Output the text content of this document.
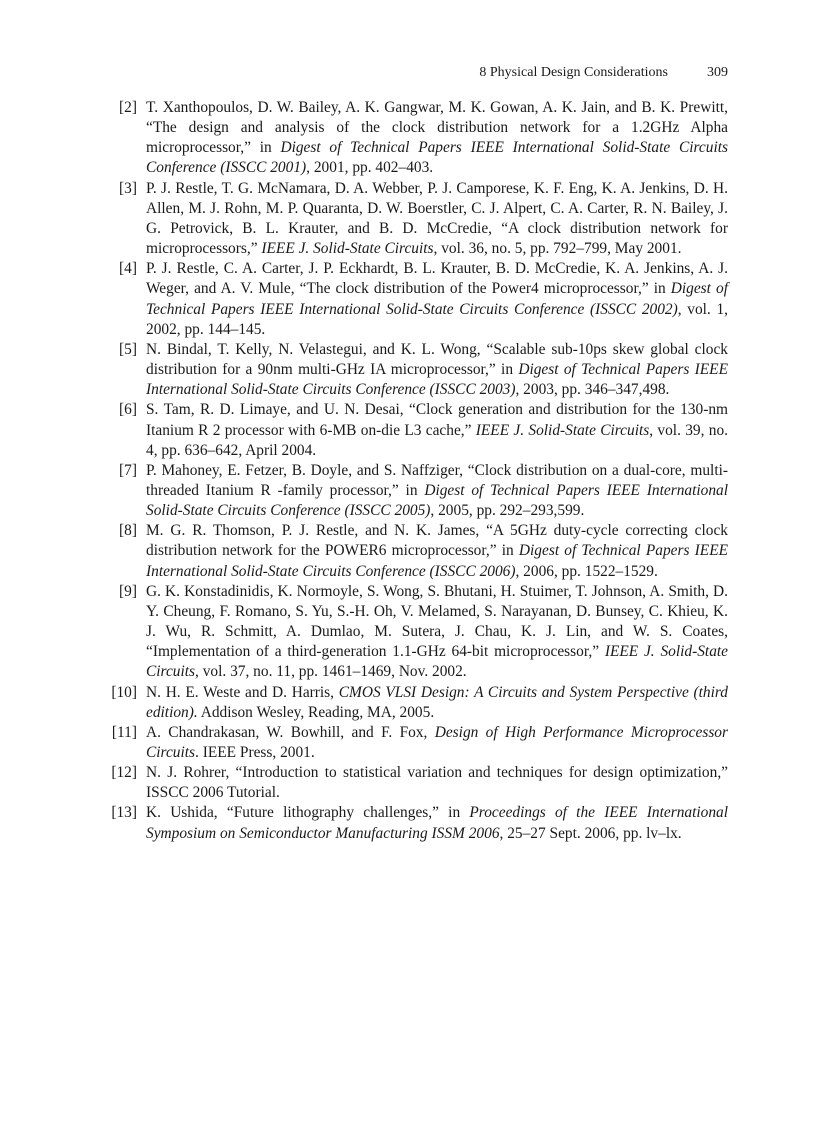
8 Physical Design Considerations	309
[2] T. Xanthopoulos, D. W. Bailey, A. K. Gangwar, M. K. Gowan, A. K. Jain, and B. K. Prewitt, “The design and analysis of the clock distribution network for a 1.2GHz Alpha microprocessor,” in Digest of Technical Papers IEEE International Solid-State Circuits Conference (ISSCC 2001), 2001, pp. 402–403.
[3] P. J. Restle, T. G. McNamara, D. A. Webber, P. J. Camporese, K. F. Eng, K. A. Jenkins, D. H. Allen, M. J. Rohn, M. P. Quaranta, D. W. Boerstler, C. J. Alpert, C. A. Carter, R. N. Bailey, J. G. Petrovick, B. L. Krauter, and B. D. McCredie, “A clock distribution network for microprocessors,” IEEE J. Solid-State Circuits, vol. 36, no. 5, pp. 792–799, May 2001.
[4] P. J. Restle, C. A. Carter, J. P. Eckhardt, B. L. Krauter, B. D. McCredie, K. A. Jenkins, A. J. Weger, and A. V. Mule, “The clock distribution of the Power4 microprocessor,” in Digest of Technical Papers IEEE International Solid-State Circuits Conference (ISSCC 2002), vol. 1, 2002, pp. 144–145.
[5] N. Bindal, T. Kelly, N. Velastegui, and K. L. Wong, “Scalable sub-10ps skew global clock distribution for a 90nm multi-GHz IA microprocessor,” in Digest of Technical Papers IEEE International Solid-State Circuits Conference (ISSCC 2003), 2003, pp. 346–347,498.
[6] S. Tam, R. D. Limaye, and U. N. Desai, “Clock generation and distribution for the 130-nm Itanium R 2 processor with 6-MB on-die L3 cache,” IEEE J. Solid-State Circuits, vol. 39, no. 4, pp. 636–642, April 2004.
[7] P. Mahoney, E. Fetzer, B. Doyle, and S. Naffziger, “Clock distribution on a dual-core, multi-threaded Itanium R -family processor,” in Digest of Technical Papers IEEE International Solid-State Circuits Conference (ISSCC 2005), 2005, pp. 292–293,599.
[8] M. G. R. Thomson, P. J. Restle, and N. K. James, “A 5GHz duty-cycle correcting clock distribution network for the POWER6 microprocessor,” in Digest of Technical Papers IEEE International Solid-State Circuits Conference (ISSCC 2006), 2006, pp. 1522–1529.
[9] G. K. Konstadinidis, K. Normoyle, S. Wong, S. Bhutani, H. Stuimer, T. Johnson, A. Smith, D. Y. Cheung, F. Romano, S. Yu, S.-H. Oh, V. Melamed, S. Narayanan, D. Bunsey, C. Khieu, K. J. Wu, R. Schmitt, A. Dumlao, M. Sutera, J. Chau, K. J. Lin, and W. S. Coates, “Implementation of a third-generation 1.1-GHz 64-bit microprocessor,” IEEE J. Solid-State Circuits, vol. 37, no. 11, pp. 1461–1469, Nov. 2002.
[10] N. H. E. Weste and D. Harris, CMOS VLSI Design: A Circuits and System Perspective (third edition). Addison Wesley, Reading, MA, 2005.
[11] A. Chandrakasan, W. Bowhill, and F. Fox, Design of High Performance Microprocessor Circuits. IEEE Press, 2001.
[12] N. J. Rohrer, “Introduction to statistical variation and techniques for design optimization,” ISSCC 2006 Tutorial.
[13] K. Ushida, “Future lithography challenges,” in Proceedings of the IEEE International Symposium on Semiconductor Manufacturing ISSM 2006, 25–27 Sept. 2006, pp. lv–lx.
